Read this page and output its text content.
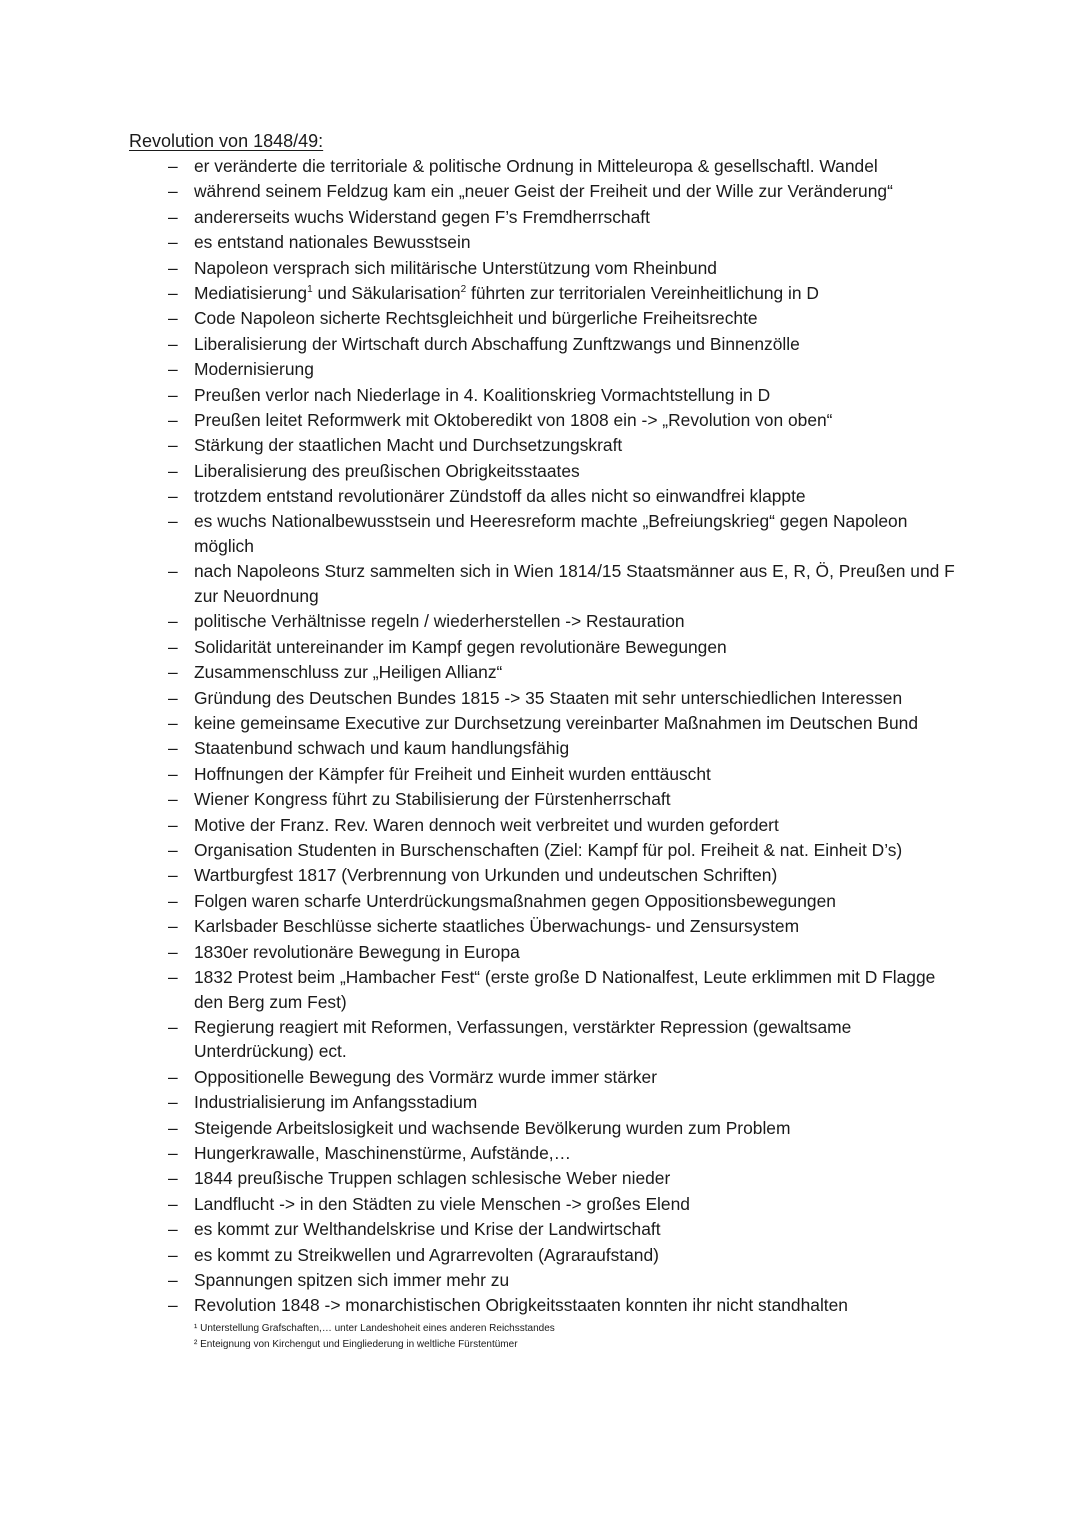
Revolution von 1848/49:
– er veränderte die territoriale & politische Ordnung in Mitteleuropa & gesellschaftl. Wandel
– während seinem Feldzug kam ein „neuer Geist der Freiheit und der Wille zur Veränderung“
– andererseits wuchs Widerstand gegen F’s Fremdherrschaft
– es entstand nationales Bewusstsein
– Napoleon versprach sich militärische Unterstützung vom Rheinbund
– Mediatisierung$^1$ und Säkularisation$^2$ führten zur territorialen Vereinheitlichung in D
– Code Napoleon sicherte Rechtsgleichheit und bürgerliche Freiheitsrechte
– Liberalisierung der Wirtschaft durch Abschaffung Zunftzwangs und Binnenzölle
– Modernisierung
– Preußen verlor nach Niederlage in 4. Koalitionskrieg Vormachtstellung in D
– Preußen leitet Reformwerk mit Oktoberedikt von 1808 ein -> „Revolution von oben“
– Stärkung der staatlichen Macht und Durchsetzungskraft
– Liberalisierung des preußischen Obrigkeitsstaates
– trotzdem entstand revolutionärer Zündstoff da alles nicht so einwandfrei klappte
– es wuchs Nationalbewusstsein und Heeresreform machte „Befreiungskrieg“ gegen Napoleon möglich
– nach Napoleons Sturz sammelten sich in Wien 1814/15 Staatsmänner aus E, R, Ö, Preußen und F zur Neuordnung
– politische Verhältnisse regeln / wiederherstellen -> Restauration
– Solidarität untereinander im Kampf gegen revolutionäre Bewegungen
– Zusammenschluss zur „Heiligen Allianz“
– Gründung des Deutschen Bundes 1815 -> 35 Staaten mit sehr unterschiedlichen Interessen
– keine gemeinsame Executive zur Durchsetzung vereinbarter Maßnahmen im Deutschen Bund
– Staatenbund schwach und kaum handlungsfähig
– Hoffnungen der Kämpfer für Freiheit und Einheit wurden enttäuscht
– Wiener Kongress führt zu Stabilisierung der Fürstenherrschaft
– Motive der Franz. Rev. Waren dennoch weit verbreitet und wurden gefordert
– Organisation Studenten in Burschenschaften (Ziel: Kampf für pol. Freiheit & nat. Einheit D’s)
– Wartburgfest 1817 (Verbrennung von Urkunden und undeutschen Schriften)
– Folgen waren scharfe Unterdrückungsmaßnahmen gegen Oppositionsbewegungen
– Karlsbader Beschlüsse sicherte staatliches Überwachungs- und Zensursystem
– 1830er revolutionäre Bewegung in Europa
– 1832 Protest beim „Hambacher Fest“ (erste große D Nationalfest, Leute erklimmen mit D Flagge den Berg zum Fest)
– Regierung reagiert mit Reformen, Verfassungen, verstärkter Repression (gewaltsame Unterdrückung) ect.
– Oppositionelle Bewegung des Vormärz wurde immer stärker
– Industrialisierung im Anfangsstadium
– Steigende Arbeitslosigkeit und wachsende Bevölkerung wurden zum Problem
– Hungerkrawalle, Maschinenstürme, Aufstände,…
– 1844 preußische Truppen schlagen schlesische Weber nieder
– Landflucht -> in den Städten zu viele Menschen -> großes Elend
– es kommt zur Welthandelskrise und Krise der Landwirtschaft
– es kommt zu Streikwellen und Agrarrevolten (Agraraufstand)
– Spannungen spitzen sich immer mehr zu
– Revolution 1848 -> monarchistischen Obrigkeitsstaaten konnten ihr nicht standhalten

¹ Unterstellung Grafschaften,… unter Landeshoheit eines anderen Reichsstandes

² Enteignung von Kirchengut und Eingliederung in weltliche Fürstentümer
